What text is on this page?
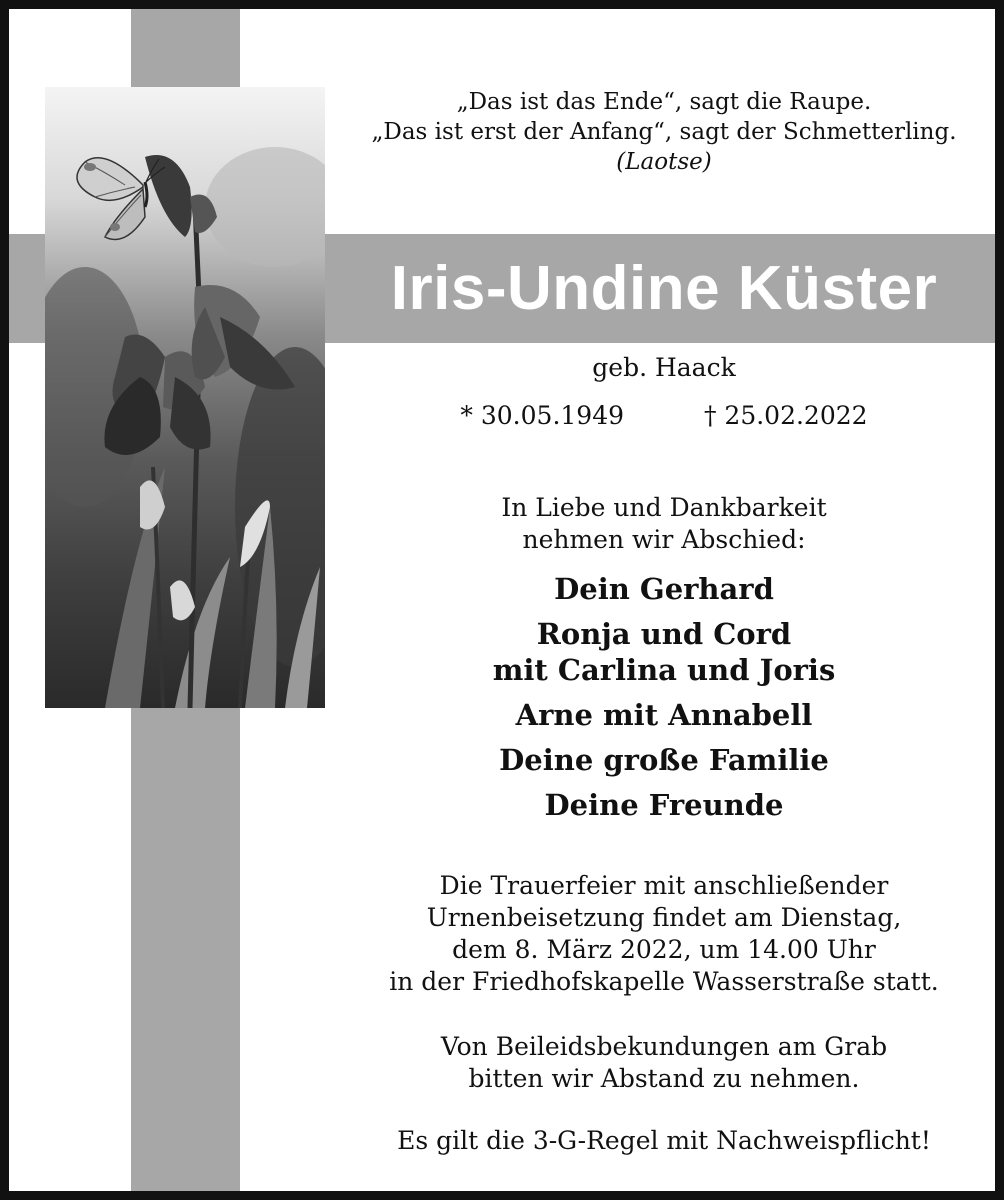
„Das ist das Ende“, sagt die Raupe.
„Das ist erst der Anfang“, sagt der Schmetterling.
(Laotse)
Iris-Undine Küster
geb. Haack
* 30.05.1949	† 25.02.2022
In Liebe und Dankbarkeit
nehmen wir Abschied:
Dein Gerhard
Ronja und Cord
mit Carlina und Joris
Arne mit Annabell
Deine große Familie
Deine Freunde
Die Trauerfeier mit anschließender
Urnenbeisetzung findet am Dienstag,
dem 8. März 2022, um 14.00 Uhr
in der Friedhofskapelle Wasserstraße statt.
Von Beileidsbekundungen am Grab
bitten wir Abstand zu nehmen.
Es gilt die 3-G-Regel mit Nachweispflicht!
